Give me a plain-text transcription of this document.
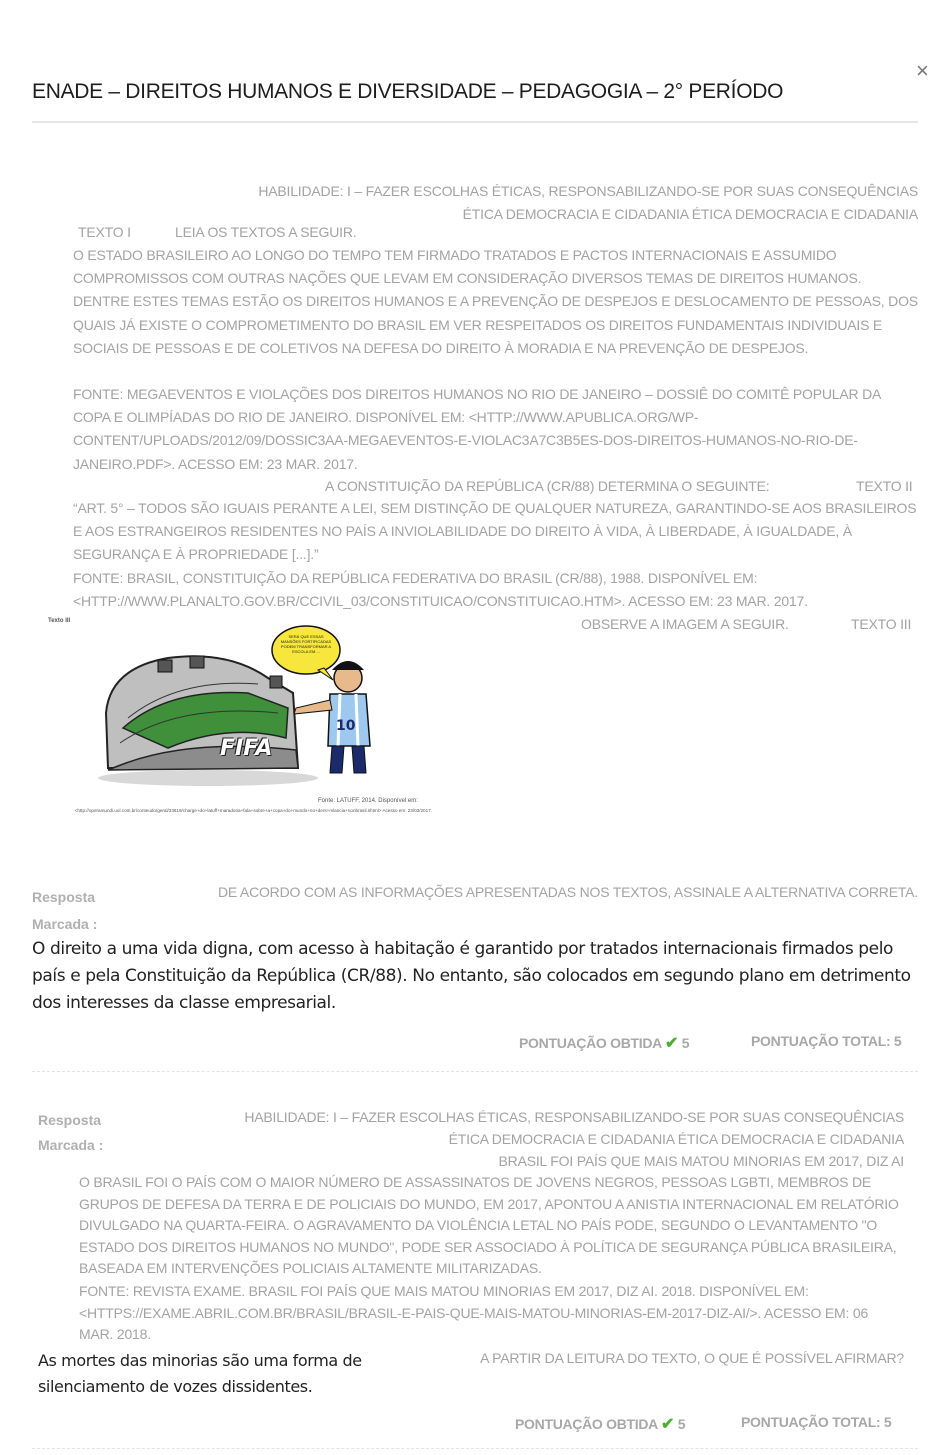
ENADE – DIREITOS HUMANOS E DIVERSIDADE – PEDAGOGIA – 2° PERÍODO
×
HABILIDADE: I – FAZER ESCOLHAS ÉTICAS, RESPONSABILIZANDO-SE POR SUAS CONSEQUÊNCIAS
ÉTICA DEMOCRACIA E CIDADANIA ÉTICA DEMOCRACIA E CIDADANIA
TEXTO I	LEIA OS TEXTOS A SEGUIR.
O ESTADO BRASILEIRO AO LONGO DO TEMPO TEM FIRMADO TRATADOS E PACTOS INTERNACIONAIS E ASSUMIDO COMPROMISSOS COM OUTRAS NAÇÕES QUE LEVAM EM CONSIDERAÇÃO DIVERSOS TEMAS DE DIREITOS HUMANOS. DENTRE ESTES TEMAS ESTÃO OS DIREITOS HUMANOS E A PREVENÇÃO DE DESPEJOS E DESLOCAMENTO DE PESSOAS, DOS QUAIS JÁ EXISTE O COMPROMETIMENTO DO BRASIL EM VER RESPEITADOS OS DIREITOS FUNDAMENTAIS INDIVIDUAIS E SOCIAIS DE PESSOAS E DE COLETIVOS NA DEFESA DO DIREITO À MORADIA E NA PREVENÇÃO DE DESPEJOS.
FONTE: MEGAEVENTOS E VIOLAÇÕES DOS DIREITOS HUMANOS NO RIO DE JANEIRO – DOSSIÊ DO COMITÊ POPULAR DA COPA E OLIMPÍADAS DO RIO DE JANEIRO. DISPONÍVEL EM: <HTTP://WWW.APUBLICA.ORG/WP-CONTENT/UPLOADS/2012/09/DOSSIC3AA-MEGAEVENTOS-E-VIOLAC3A7C3B5ES-DOS-DIREITOS-HUMANOS-NO-RIO-DE-JANEIRO.PDF>. ACESSO EM: 23 MAR. 2017.
A CONSTITUIÇÃO DA REPÚBLICA (CR/88) DETERMINA O SEGUINTE:	TEXTO II
“ART. 5° – TODOS SÃO IGUAIS PERANTE A LEI, SEM DISTINÇÃO DE QUALQUER NATUREZA, GARANTINDO-SE AOS BRASILEIROS E AOS ESTRANGEIROS RESIDENTES NO PAÍS A INVIOLABILIDADE DO DIREITO À VIDA, À LIBERDADE, À IGUALDADE, À SEGURANÇA E À PROPRIEDADE [...].”
FONTE: BRASIL, CONSTITUIÇÃO DA REPÚBLICA FEDERATIVA DO BRASIL (CR/88), 1988. DISPONÍVEL EM: <HTTP://WWW.PLANALTO.GOV.BR/CCIVIL_03/CONSTITUICAO/CONSTITUICAO.HTM>. ACESSO EM: 23 MAR. 2017.
OBSERVE A IMAGEM A SEGUIR.	TEXTO III
Texto III
10
SERÁ QUE ESSAS MANSÕES FORTIFICADAS PODEM TRANSFORMAR A ESCOLA EM ...
FIFA
Fonte: LATUFF, 2014. Disponível em:
<http://operamundi.uol.com.br/conteudo/geral/33619/charge+do+latuff+maradona+fala+sobre+a+copa+do+mundo+no+ders+mlancia+nonbrasil.shtml> Acesso em: 23/03/2017.
Resposta
Marcada :
DE ACORDO COM AS INFORMAÇÕES APRESENTADAS NOS TEXTOS, ASSINALE A ALTERNATIVA CORRETA.
O direito a uma vida digna, com acesso à habitação é garantido por tratados internacionais firmados pelo país e pela Constituição da República (CR/88). No entanto, são colocados em segundo plano em detrimento dos interesses da classe empresarial.
PONTUAÇÃO OBTIDA ✔ 5	PONTUAÇÃO TOTAL: 5
Resposta
Marcada :
HABILIDADE: I – FAZER ESCOLHAS ÉTICAS, RESPONSABILIZANDO-SE POR SUAS CONSEQUÊNCIAS
ÉTICA DEMOCRACIA E CIDADANIA ÉTICA DEMOCRACIA E CIDADANIA
BRASIL FOI PAÍS QUE MAIS MATOU MINORIAS EM 2017, DIZ AI
O BRASIL FOI O PAÍS COM O MAIOR NÚMERO DE ASSASSINATOS DE JOVENS NEGROS, PESSOAS LGBTI, MEMBROS DE GRUPOS DE DEFESA DA TERRA E DE POLICIAIS DO MUNDO, EM 2017, APONTOU A ANISTIA INTERNACIONAL EM RELATÓRIO DIVULGADO NA QUARTA-FEIRA. O AGRAVAMENTO DA VIOLÊNCIA LETAL NO PAÍS PODE, SEGUNDO O LEVANTAMENTO "O ESTADO DOS DIREITOS HUMANOS NO MUNDO", PODE SER ASSOCIADO À POLÍTICA DE SEGURANÇA PÚBLICA BRASILEIRA, BASEADA EM INTERVENÇÕES POLICIAIS ALTAMENTE MILITARIZADAS.
FONTE: REVISTA EXAME. BRASIL FOI PAÍS QUE MAIS MATOU MINORIAS EM 2017, DIZ AI. 2018. DISPONÍVEL EM: <HTTPS://EXAME.ABRIL.COM.BR/BRASIL/BRASIL-E-PAIS-QUE-MAIS-MATOU-MINORIAS-EM-2017-DIZ-AI/>. ACESSO EM: 06 MAR. 2018.
As mortes das minorias são uma forma de silenciamento de vozes dissidentes.
A PARTIR DA LEITURA DO TEXTO, O QUE É POSSÍVEL AFIRMAR?
PONTUAÇÃO OBTIDA ✔ 5	PONTUAÇÃO TOTAL: 5
